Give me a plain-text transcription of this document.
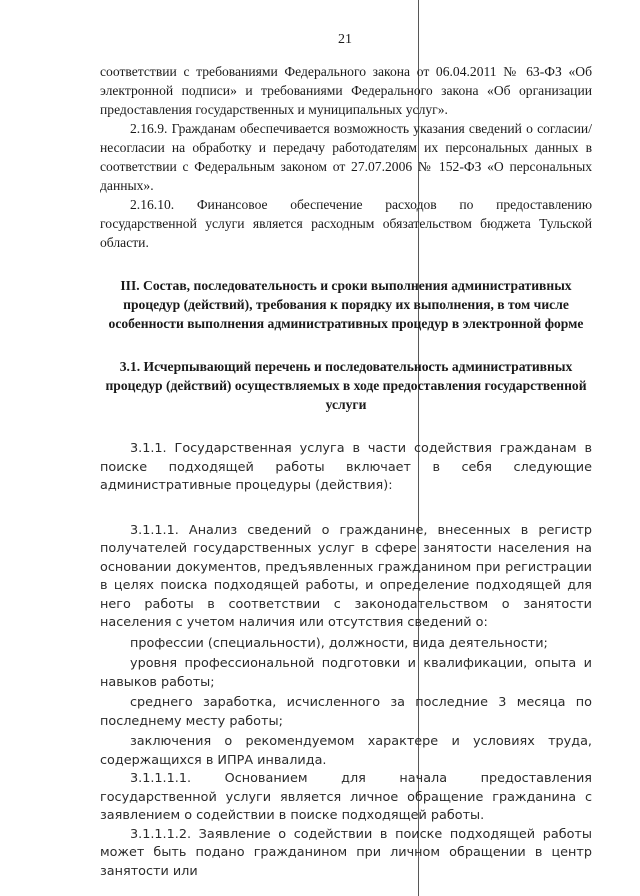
21

соответствии с требованиями Федерального закона от 06.04.2011 № 63-ФЗ «Об электронной подписи» и требованиями Федерального закона «Об организации предоставления государственных и муниципальных услуг».

2.16.9. Гражданам обеспечивается возможность указания сведений о согласии/несогласии на обработку и передачу работодателям их персональных данных в соответствии с Федеральным законом от 27.07.2006 № 152-ФЗ «О персональных данных».

2.16.10. Финансовое обеспечение расходов по предоставлению государственной услуги является расходным обязательством бюджета Тульской области.

III. Состав, последовательность и сроки выполнения административных процедур (действий), требования к порядку их выполнения, в том числе особенности выполнения административных процедур в электронной форме
3.1. Исчерпывающий перечень и последовательность административных процедур (действий) осуществляемых в ходе предоставления государственной услуги

3.1.1. Государственная услуга в части содействия гражданам в поиске подходящей работы включает в себя следующие административные процедуры (действия):

3.1.1.1. Анализ сведений о гражданине, внесенных в регистр получателей государственных услуг в сфере занятости населения на основании документов, предъявленных гражданином при регистрации в целях поиска подходящей работы, и определение подходящей для него работы в соответствии с законодательством о занятости населения с учетом наличия или отсутствия сведений о:

профессии (специальности), должности, вида деятельности;

уровня профессиональной подготовки и квалификации, опыта и навыков работы;

среднего заработка, исчисленного за последние 3 месяца по последнему месту работы;

заключения о рекомендуемом характере и условиях труда, содержащихся в ИПРА инвалида.

3.1.1.1.1. Основанием для начала предоставления государственной услуги является личное обращение гражданина с заявлением о содействии в поиске подходящей работы.

3.1.1.1.2. Заявление о содействии в поиске подходящей работы может быть подано гражданином при личном обращении в центр занятости или
